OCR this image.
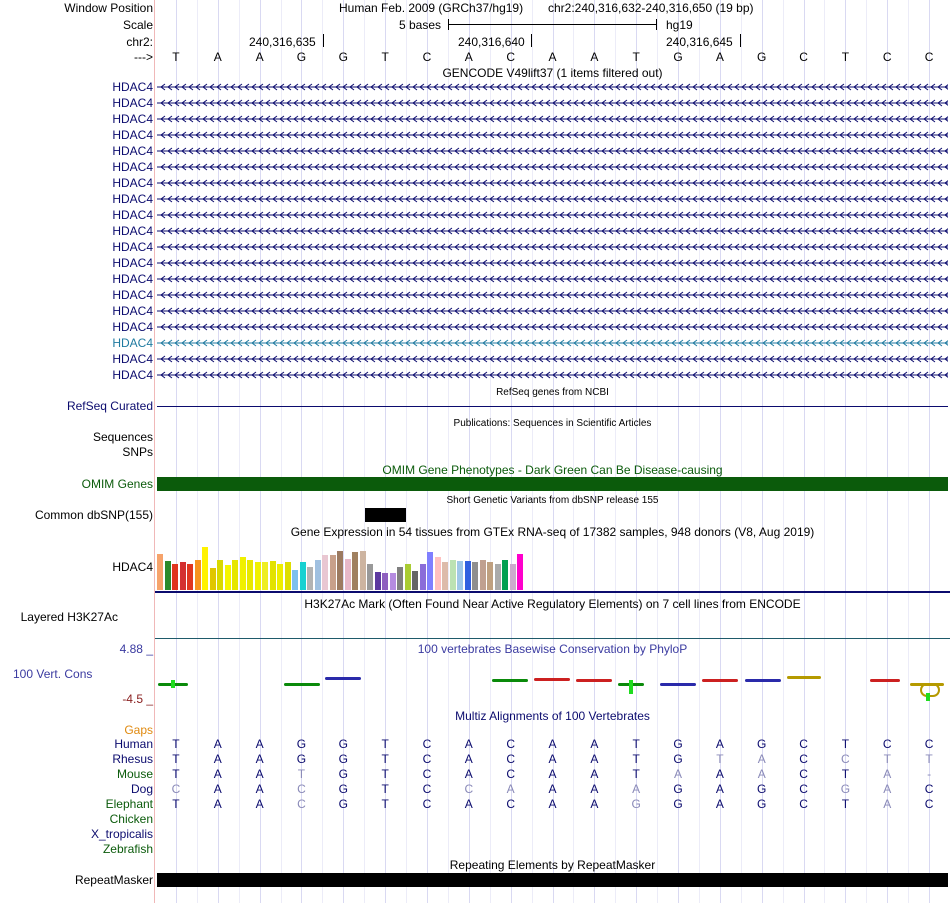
Window Position	Human Feb. 2009 (GRCh37/hg19) chr2:240,316,632-240,316,650 (19 bp)
Scale	5 bases	hg19
chr2:	240,316,635	240,316,640	240,316,645
--->	T	A	A	G	G	T	C	A	C	A	A	T	G	A	G	C	T	C	C
GENCODE V49lift37 (1 items filtered out)
HDAC4
HDAC4
HDAC4
HDAC4
HDAC4
HDAC4
HDAC4
HDAC4
HDAC4
HDAC4
HDAC4
HDAC4
HDAC4
HDAC4
HDAC4
HDAC4
HDAC4
HDAC4
HDAC4
RefSeq genes from NCBI
RefSeq Curated
Publications: Sequences in Scientific Articles
Sequences
SNPs
OMIM Gene Phenotypes - Dark Green Can Be Disease-causing
OMIM Genes
Short Genetic Variants from dbSNP release 155
Common dbSNP(155)
Gene Expression in 54 tissues from GTEx RNA-seq of 17382 samples, 948 donors (V8, Aug 2019)
HDAC4
H3K27Ac Mark (Often Found Near Active Regulatory Elements) on 7 cell lines from ENCODE
Layered H3K27Ac
100 vertebrates Basewise Conservation by PhyloP
4.88 _
100 Vert. Cons
-4.5 _
Multiz Alignments of 100 Vertebrates
Gaps
Human	T	A	A	G	G	T	C	A	C	A	A	T	G	A	G	C	T	C	C
Rhesus	T	A	A	G	G	T	C	A	C	A	A	T	G	T	A	C	C	T	T
Mouse	T	A	A	T	G	T	C	A	C	A	A	T	A	A	A	C	T	A	-
Dog	C	A	A	C	G	T	C	C	A	A	A	A	G	A	G	C	G	A	C
Elephant	T	A	A	C	G	T	C	A	C	A	A	G	G	A	G	C	T	A	C
Chicken
X_tropicalis
Zebrafish
Repeating Elements by RepeatMasker
RepeatMasker
